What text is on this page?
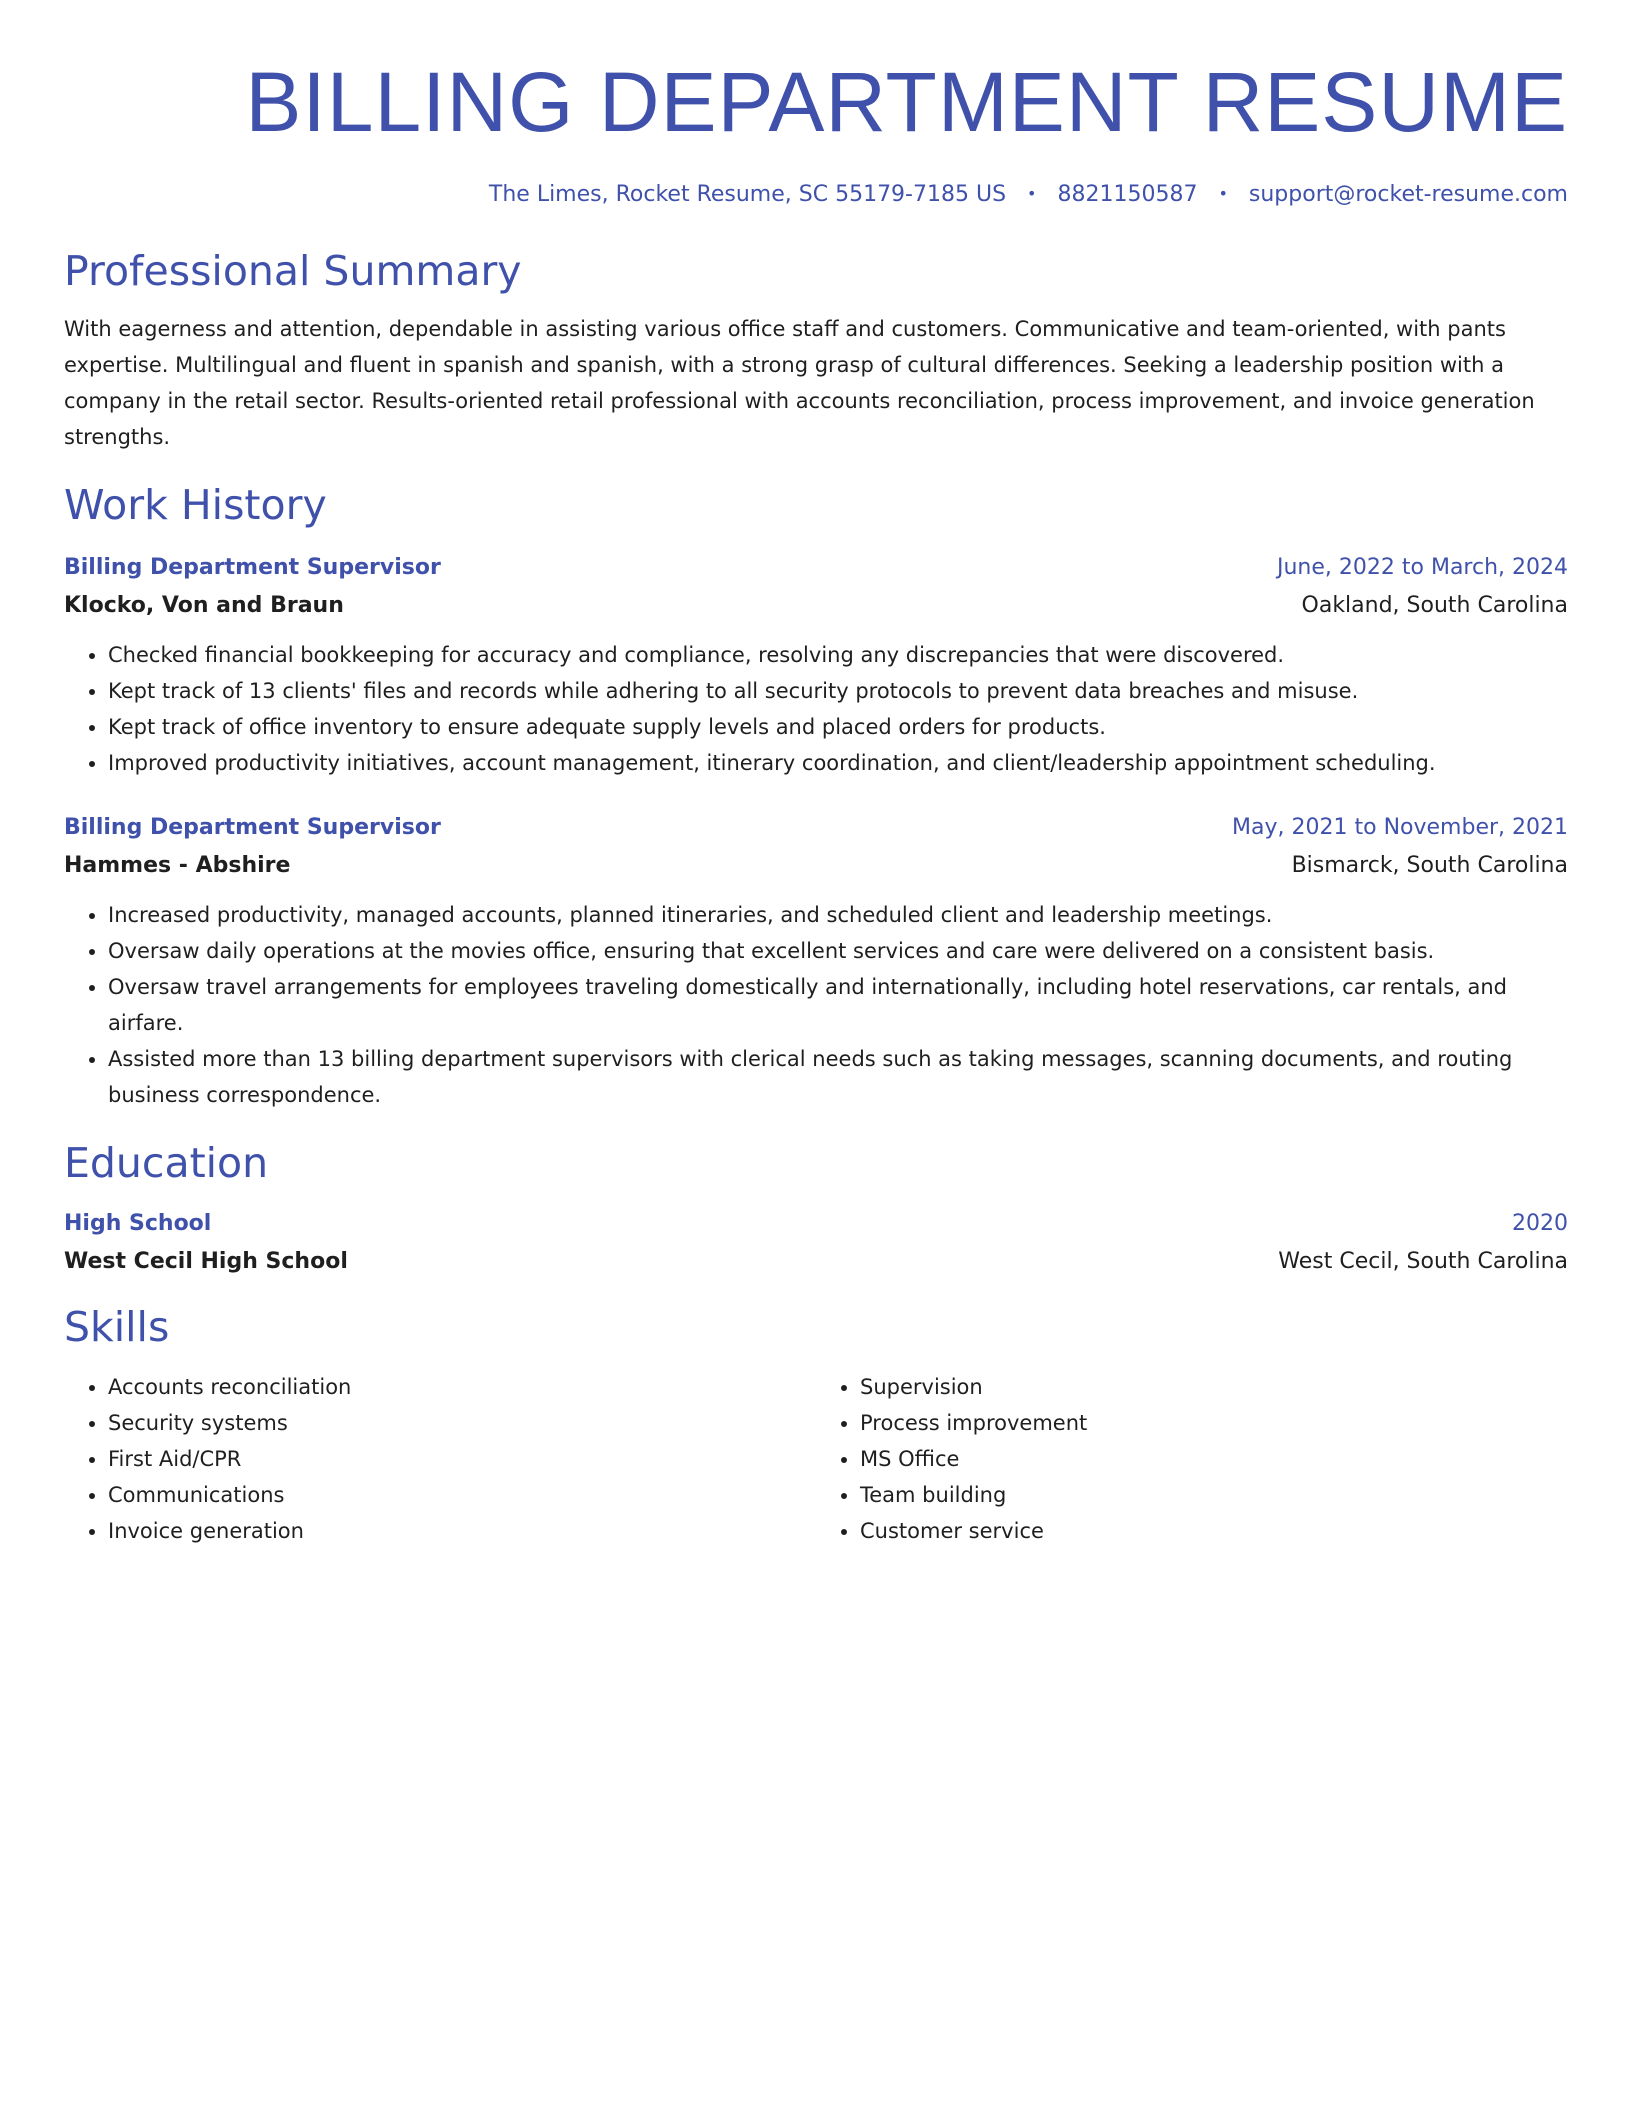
BILLING DEPARTMENT RESUME
The Limes, Rocket Resume, SC 55179-7185 US • 8821150587 • support@rocket-resume.com
Professional Summary

With eagerness and attention, dependable in assisting various office staff and customers. Communicative and team-oriented, with pants expertise. Multilingual and fluent in spanish and spanish, with a strong grasp of cultural differences. Seeking a leadership position with a company in the retail sector. Results-oriented retail professional with accounts reconciliation, process improvement, and invoice generation strengths.

Work History
Billing Department Supervisor	June, 2022 to March, 2024
Klocko, Von and Braun	Oakland, South Carolina
• Checked financial bookkeeping for accuracy and compliance, resolving any discrepancies that were discovered.
• Kept track of 13 clients' files and records while adhering to all security protocols to prevent data breaches and misuse.
• Kept track of office inventory to ensure adequate supply levels and placed orders for products.
• Improved productivity initiatives, account management, itinerary coordination, and client/leadership appointment scheduling.
Billing Department Supervisor	May, 2021 to November, 2021
Hammes - Abshire	Bismarck, South Carolina
• Increased productivity, managed accounts, planned itineraries, and scheduled client and leadership meetings.
• Oversaw daily operations at the movies office, ensuring that excellent services and care were delivered on a consistent basis.
• Oversaw travel arrangements for employees traveling domestically and internationally, including hotel reservations, car rentals, and airfare.
• Assisted more than 13 billing department supervisors with clerical needs such as taking messages, scanning documents, and routing business correspondence.
Education
High School	2020
West Cecil High School	West Cecil, South Carolina
Skills
• Accounts reconciliation
• Security systems
• First Aid/CPR
• Communications
• Invoice generation
• Supervision
• Process improvement
• MS Office
• Team building
• Customer service
